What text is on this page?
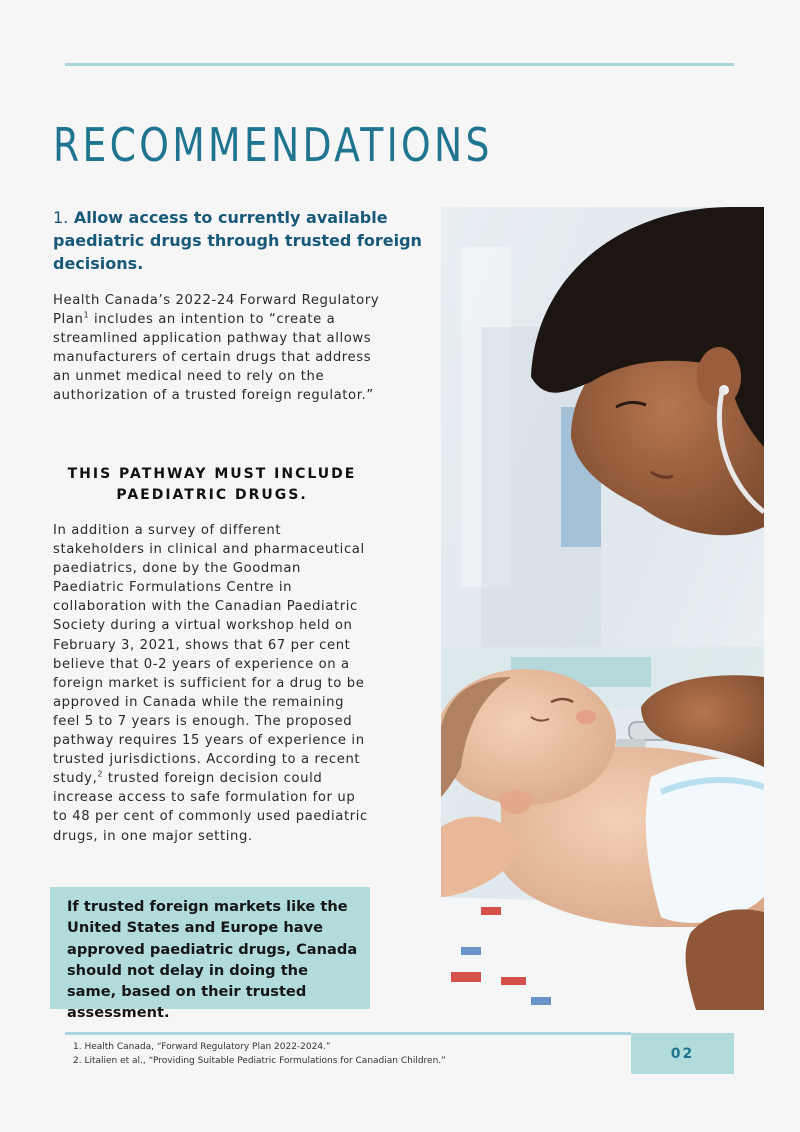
RECOMMENDATIONS
1. Allow access to currently available paediatric drugs through trusted foreign decisions.

Health Canada’s 2022-24 Forward Regulatory Plan$^1$ includes an intention to “create a streamlined application pathway that allows manufacturers of certain drugs that address an unmet medical need to rely on the authorization of a trusted foreign regulator.”

THIS PATHWAY MUST INCLUDE PAEDIATRIC DRUGS.

In addition a survey of different stakeholders in clinical and pharmaceutical paediatrics, done by the Goodman Paediatric Formulations Centre in collaboration with the Canadian Paediatric Society during a virtual workshop held on February 3, 2021, shows that 67 per cent believe that 0-2 years of experience on a foreign market is sufficient for a drug to be approved in Canada while the remaining feel 5 to 7 years is enough. The proposed pathway requires 15 years of experience in trusted jurisdictions. According to a recent study,$^2$ trusted foreign decision could increase access to safe formulation for up to 48 per cent of commonly used paediatric drugs, in one major setting.

If trusted foreign markets like the United States and Europe have approved paediatric drugs, Canada should not delay in doing the same, based on their trusted assessment.

1. Health Canada, “Forward Regulatory Plan 2022-2024.”
2. Litalien et al., “Providing Suitable Pediatric Formulations for Canadian Children.”	02
